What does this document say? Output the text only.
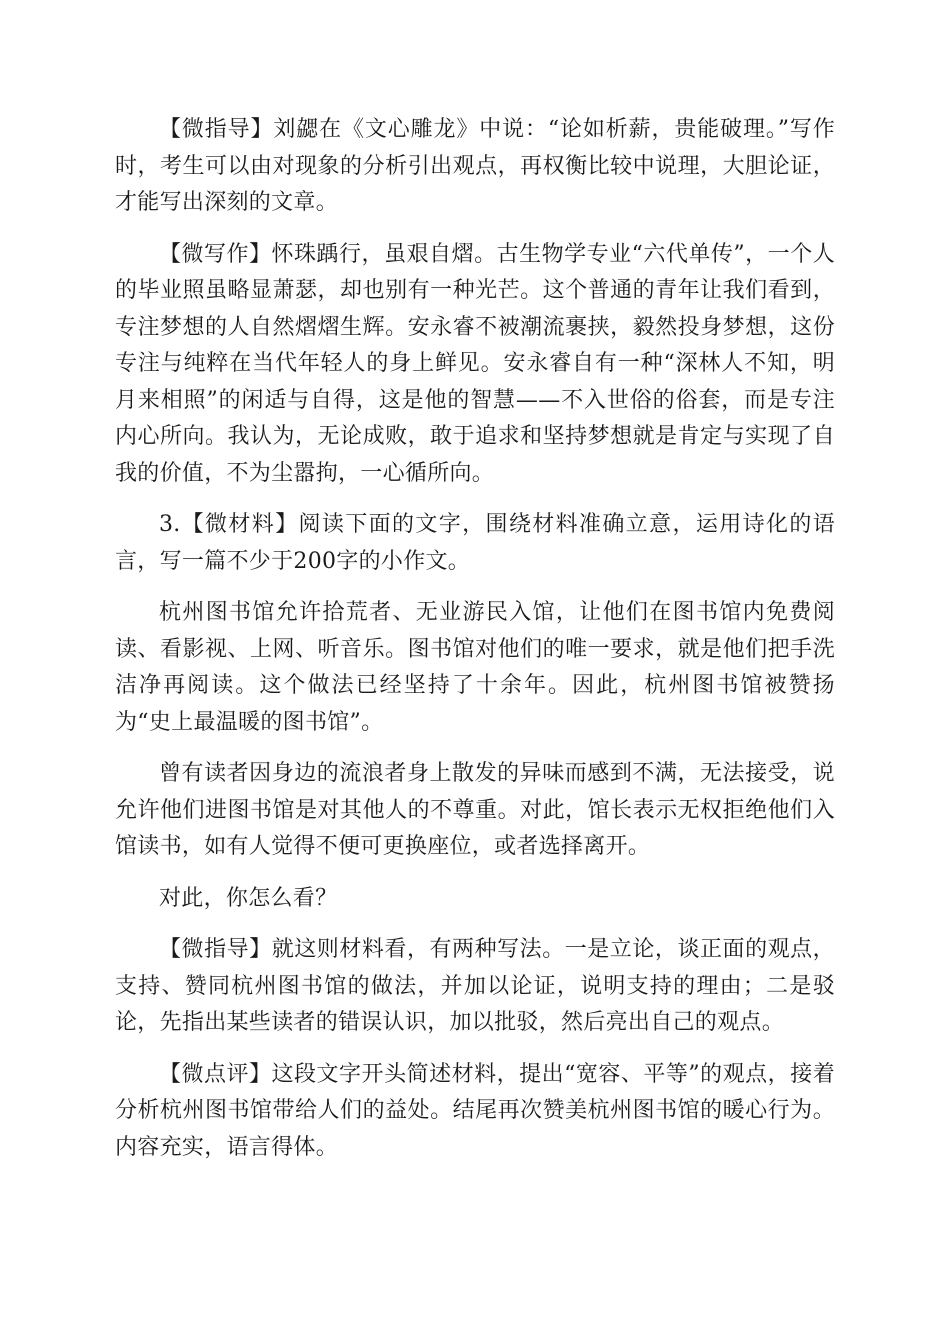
【微指导】刘勰在《文心雕龙》中说：“论如析薪，贵能破理。”写作时，考生可以由对现象的分析引出观点，再权衡比较中说理，大胆论证，才能写出深刻的文章。

【微写作】怀珠踽行，虽艰自熠。古生物学专业“六代单传”，一个人的毕业照虽略显萧瑟，却也别有一种光芒。这个普通的青年让我们看到，专注梦想的人自然熠熠生辉。安永睿不被潮流裹挟，毅然投身梦想，这份专注与纯粹在当代年轻人的身上鲜见。安永睿自有一种“深林人不知，明月来相照”的闲适与自得，这是他的智慧——不入世俗的俗套，而是专注内心所向。我认为，无论成败，敢于追求和坚持梦想就是肯定与实现了自我的价值，不为尘嚣拘，一心循所向。

3.【微材料】阅读下面的文字，围绕材料准确立意，运用诗化的语言，写一篇不少于200字的小作文。

杭州图书馆允许拾荒者、无业游民入馆，让他们在图书馆内免费阅读、看影视、上网、听音乐。图书馆对他们的唯一要求，就是他们把手洗洁净再阅读。这个做法已经坚持了十余年。因此，杭州图书馆被赞扬为“史上最温暖的图书馆”。

曾有读者因身边的流浪者身上散发的异味而感到不满，无法接受，说允许他们进图书馆是对其他人的不尊重。对此，馆长表示无权拒绝他们入馆读书，如有人觉得不便可更换座位，或者选择离开。

对此，你怎么看？

【微指导】就这则材料看，有两种写法。一是立论，谈正面的观点，支持、赞同杭州图书馆的做法，并加以论证，说明支持的理由；二是驳论，先指出某些读者的错误认识，加以批驳，然后亮出自己的观点。

【微点评】这段文字开头简述材料，提出“宽容、平等”的观点，接着分析杭州图书馆带给人们的益处。结尾再次赞美杭州图书馆的暖心行为。内容充实，语言得体。
